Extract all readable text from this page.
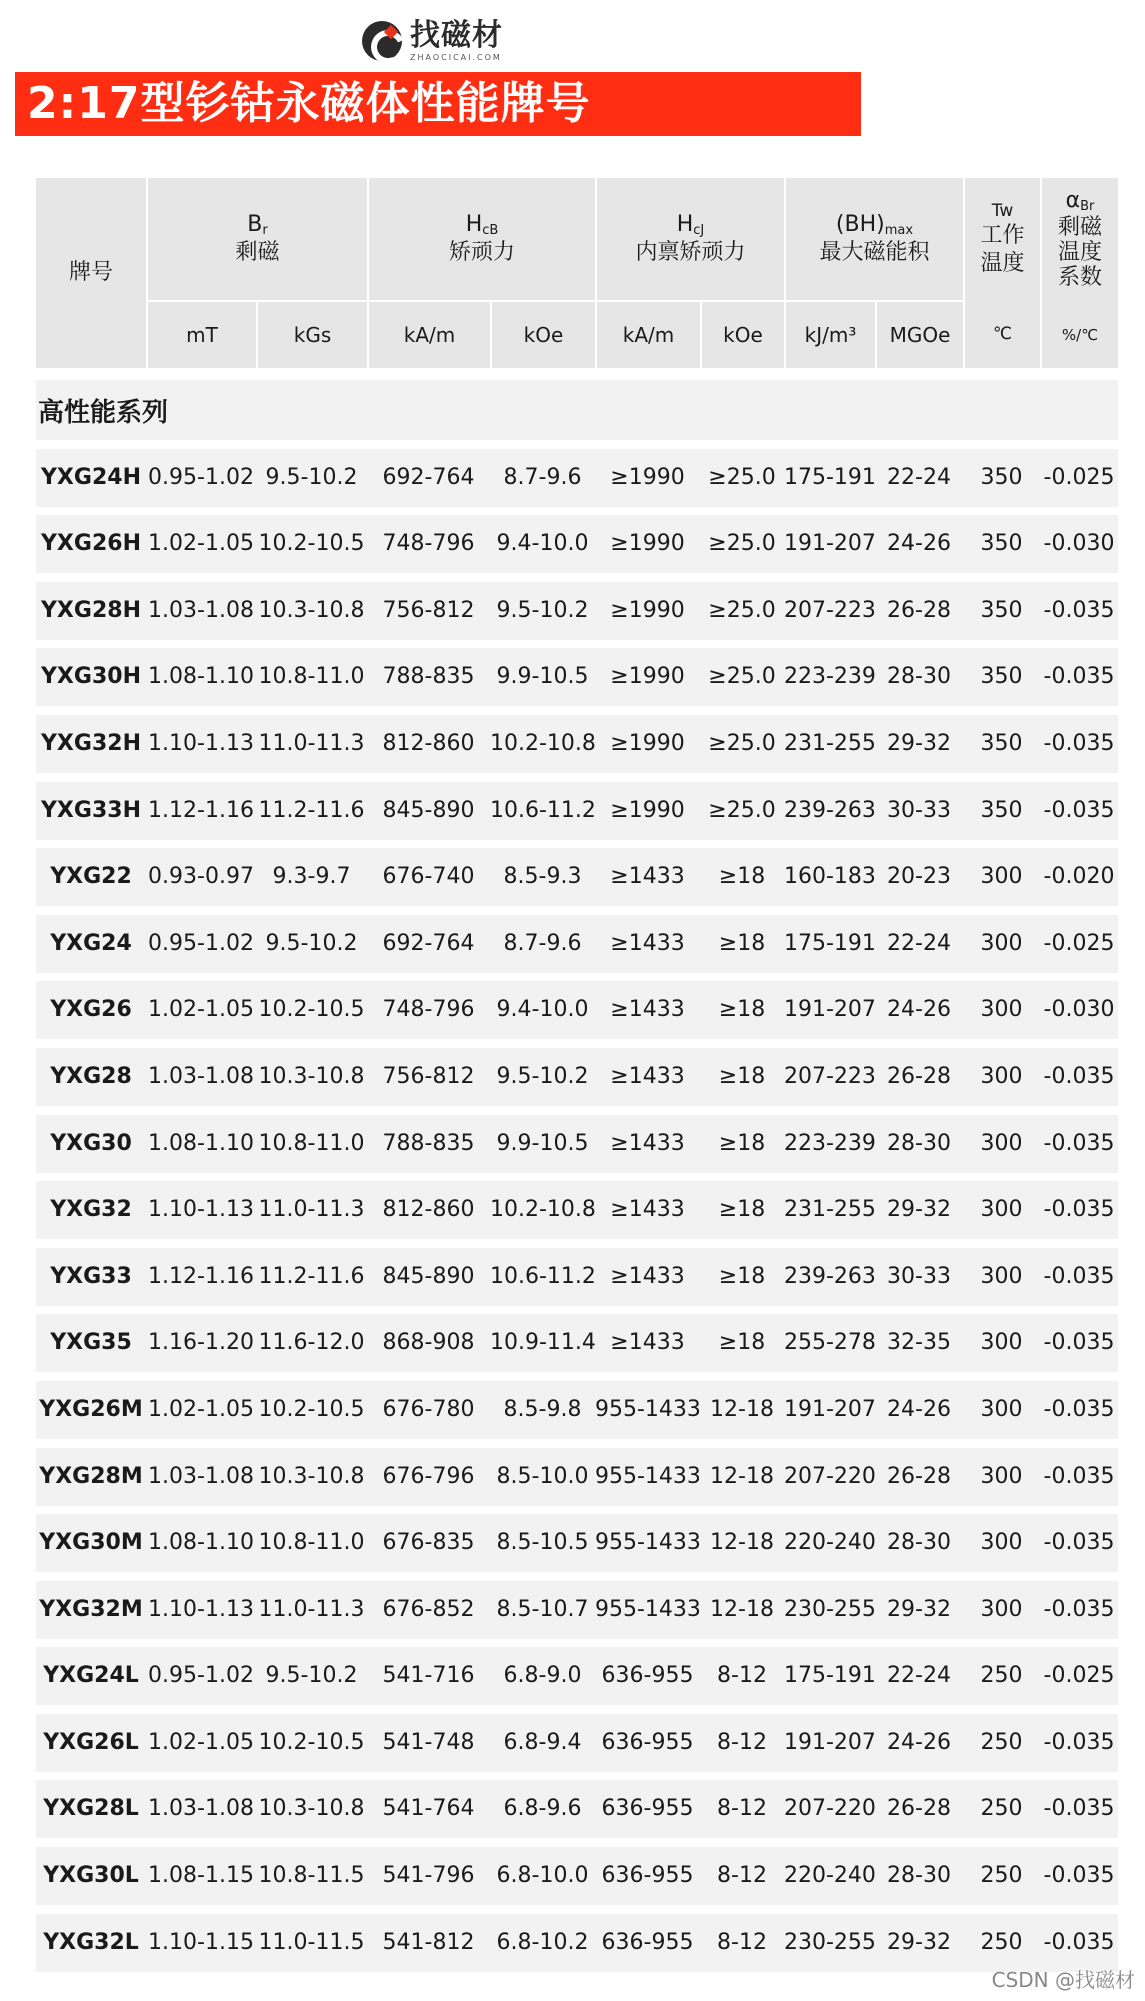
找磁材
ZHAOCICAI.COM
2:17型钐钴永磁体性能牌号
牌号
$B_r$
剩磁
mT	kGs
$H_{cB}$
矫顽力
kA/m	kOe
$H_{cJ}$
内禀矫顽力
kA/m	kOe
$(BH)_{max}$
最大磁能积
kJ/m³	MGOe
Tw
工作
温度
℃
$\alpha_{Br}$
剩磁
温度
系数
%/℃
高性能系列
YXG24H 0.95-1.02 9.5-10.2	692-764	8.7-9.6	≥1990	≥25.0 175-191 22-24	350 -0.025
YXG26H 1.02-1.05 10.2-10.5 748-796	9.4-10.0 ≥1990	≥25.0 191-207 24-26	350 -0.030
YXG28H 1.03-1.08 10.3-10.8 756-812	9.5-10.2 ≥1990	≥25.0 207-223 26-28	350 -0.035
YXG30H 1.08-1.10 10.8-11.0 788-835	9.9-10.5 ≥1990	≥25.0 223-239 28-30	350 -0.035
YXG32H 1.10-1.13 11.0-11.3 812-860 10.2-10.8 ≥1990	≥25.0 231-255 29-32	350 -0.035
YXG33H 1.12-1.16 11.2-11.6 845-890 10.6-11.2 ≥1990	≥25.0 239-263 30-33	350 -0.035
YXG22 0.93-0.97 9.3-9.7	676-740	8.5-9.3	≥1433	≥18 160-183 20-23	300 -0.020
YXG24 0.95-1.02 9.5-10.2	692-764	8.7-9.6	≥1433	≥18 175-191 22-24	300 -0.025
YXG26 1.02-1.05 10.2-10.5 748-796	9.4-10.0 ≥1433	≥18 191-207 24-26	300 -0.030
YXG28 1.03-1.08 10.3-10.8 756-812	9.5-10.2 ≥1433	≥18 207-223 26-28	300 -0.035
YXG30 1.08-1.10 10.8-11.0 788-835	9.9-10.5 ≥1433	≥18 223-239 28-30	300 -0.035
YXG32 1.10-1.13 11.0-11.3 812-860 10.2-10.8 ≥1433	≥18 231-255 29-32	300 -0.035
YXG33 1.12-1.16 11.2-11.6 845-890 10.6-11.2 ≥1433	≥18 239-263 30-33	300 -0.035
YXG35 1.16-1.20 11.6-12.0 868-908 10.9-11.4 ≥1433	≥18 255-278 32-35	300 -0.035
YXG26M 1.02-1.05 10.2-10.5 676-780	8.5-9.8 955-1433 12-18 191-207 24-26	300 -0.035
YXG28M 1.03-1.08 10.3-10.8 676-796	8.5-10.0 955-1433 12-18 207-220 26-28	300 -0.035
YXG30M 1.08-1.10 10.8-11.0 676-835	8.5-10.5 955-1433 12-18 220-240 28-30	300 -0.035
YXG32M 1.10-1.13 11.0-11.3 676-852	8.5-10.7 955-1433 12-18 230-255 29-32	300 -0.035
YXG24L 0.95-1.02 9.5-10.2	541-716	6.8-9.0 636-955	8-12 175-191 22-24	250 -0.025
YXG26L 1.02-1.05 10.2-10.5 541-748	6.8-9.4 636-955	8-12 191-207 24-26	250 -0.035
YXG28L 1.03-1.08 10.3-10.8 541-764	6.8-9.6 636-955	8-12 207-220 26-28	250 -0.035
YXG30L 1.08-1.15 10.8-11.5 541-796	6.8-10.0 636-955	8-12 220-240 28-30	250 -0.035
YXG32L 1.10-1.15 11.0-11.5 541-812	6.8-10.2 636-955	8-12 230-255 29-32	250 -0.035
CSDN @找磁材
